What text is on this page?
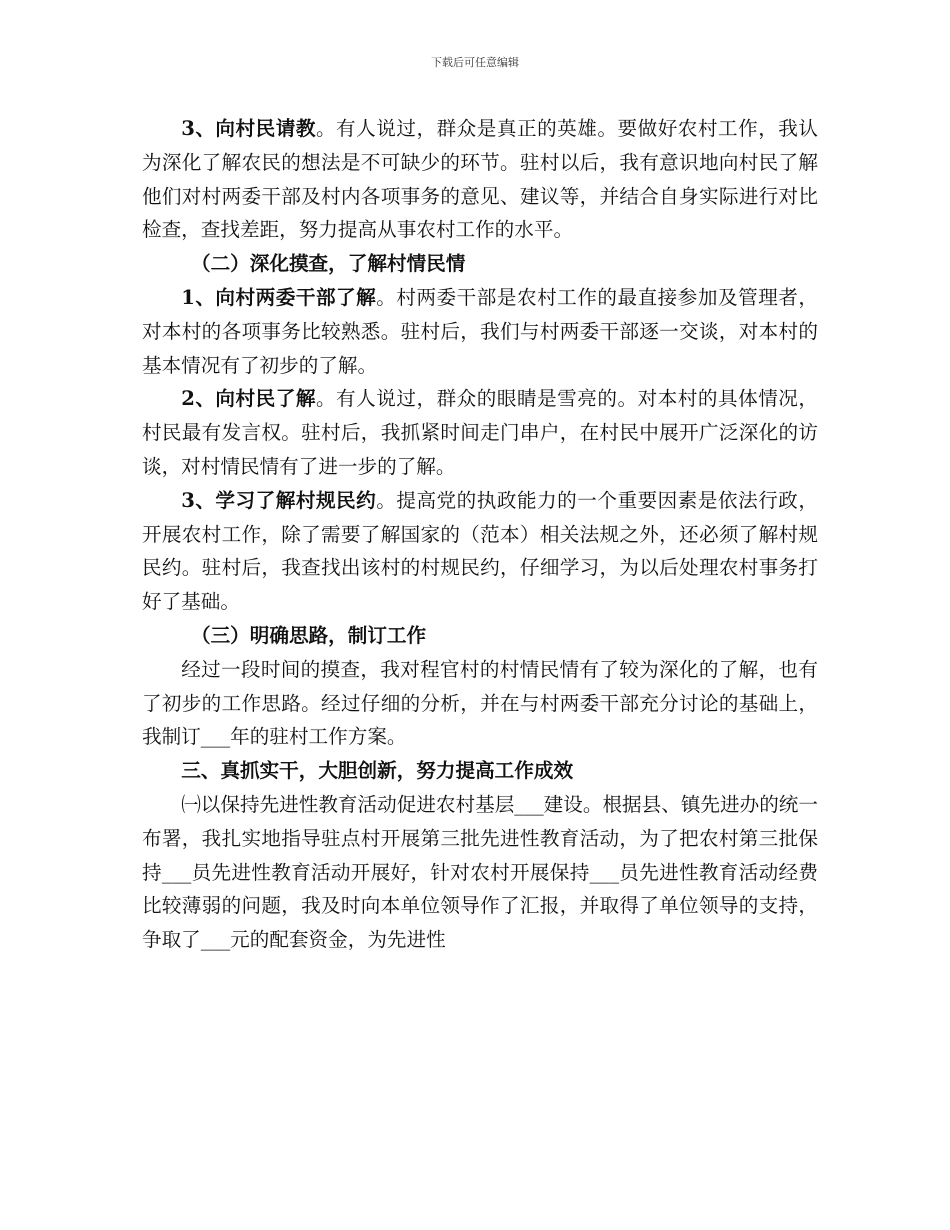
下载后可任意编辑

3、向村民请教。有人说过，群众是真正的英雄。要做好农村工作，我认为深化了解农民的想法是不可缺少的环节。驻村以后，我有意识地向村民了解他们对村两委干部及村内各项事务的意见、建议等，并结合自身实际进行对比检查，查找差距，努力提高从事农村工作的水平。

（二）深化摸查，了解村情民情

1、向村两委干部了解。村两委干部是农村工作的最直接参加及管理者，对本村的各项事务比较熟悉。驻村后，我们与村两委干部逐一交谈，对本村的基本情况有了初步的了解。

2、向村民了解。有人说过，群众的眼睛是雪亮的。对本村的具体情况，村民最有发言权。驻村后，我抓紧时间走门串户，在村民中展开广泛深化的访谈，对村情民情有了进一步的了解。

3、学习了解村规民约。提高党的执政能力的一个重要因素是依法行政，开展农村工作，除了需要了解国家的（范本）相关法规之外，还必须了解村规民约。驻村后，我查找出该村的村规民约，仔细学习，为以后处理农村事务打好了基础。

（三）明确思路，制订工作

经过一段时间的摸查，我对程官村的村情民情有了较为深化的了解，也有了初步的工作思路。经过仔细的分析，并在与村两委干部充分讨论的基础上，我制订___年的驻村工作方案。

三、真抓实干，大胆创新，努力提高工作成效

㈠以保持先进性教育活动促进农村基层___建设。根据县、镇先进办的统一布署，我扎实地指导驻点村开展第三批先进性教育活动，为了把农村第三批保持___员先进性教育活动开展好，针对农村开展保持___员先进性教育活动经费比较薄弱的问题，我及时向本单位领导作了汇报，并取得了单位领导的支持，争取了___元的配套资金，为先进性
